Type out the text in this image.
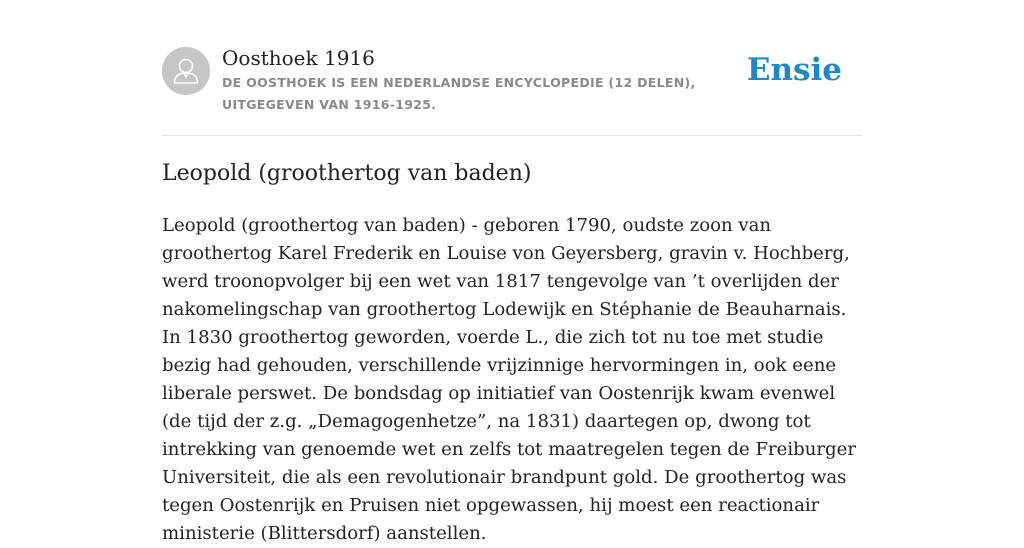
Oosthoek 1916
DE OOSTHOEK IS EEN NEDERLANDSE ENCYCLOPEDIE (12 DELEN), UITGEGEVEN VAN 1916-1925.
Ensie
Leopold (groothertog van baden)

Leopold (groothertog van baden) - geboren 1790, oudste zoon van groothertog Karel Frederik en Louise von Geyersberg, gravin v. Hochberg, werd troonopvolger bij een wet van 1817 tengevolge van ’t overlijden der nakomelingschap van groothertog Lodewijk en Stéphanie de Beauharnais. In 1830 groothertog geworden, voerde L., die zich tot nu toe met studie bezig had gehouden, verschillende vrijzinnige hervormingen in, ook eene liberale perswet. De bondsdag op initiatief van Oostenrijk kwam evenwel (de tijd der z.g. „Demagogenhetze”, na 1831) daartegen op, dwong tot intrekking van genoemde wet en zelfs tot maatregelen tegen de Freiburger Universiteit, die als een revolutionair brandpunt gold. De groothertog was tegen Oostenrijk en Pruisen niet opgewassen, hij moest een reactionair ministerie (Blittersdorf) aanstellen.
